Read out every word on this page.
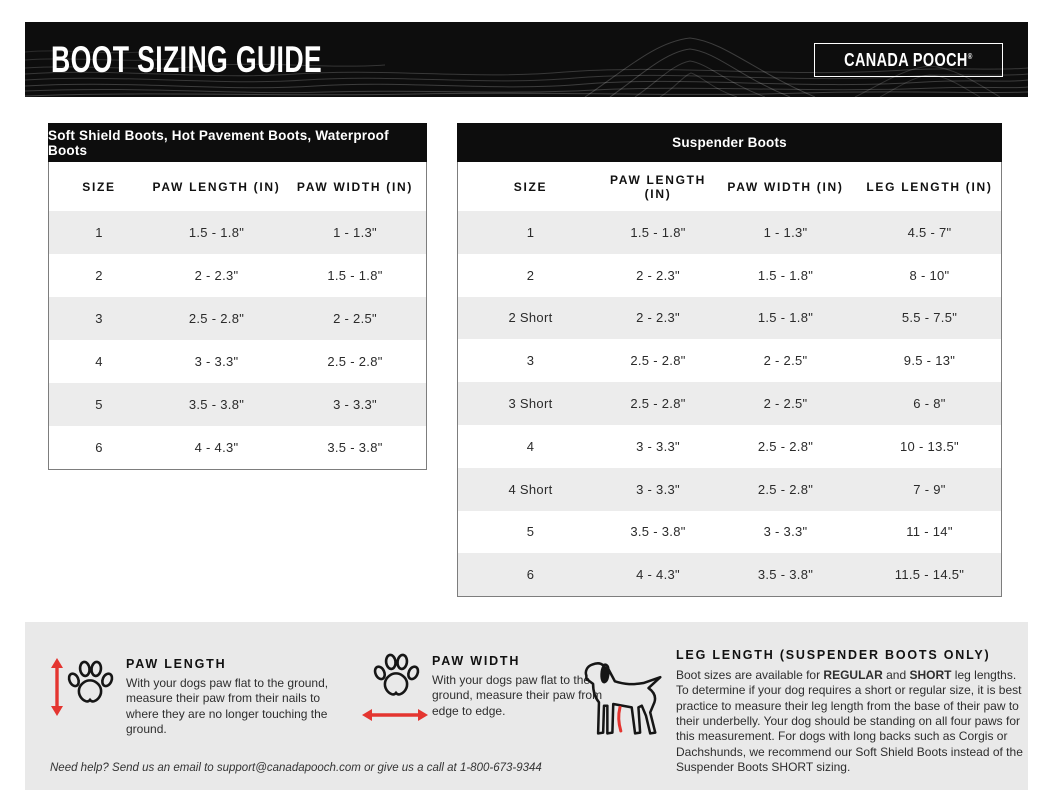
BOOT SIZING GUIDE	CANADA POOCH®
Soft Shield Boots, Hot Pavement Boots, Waterproof Boots
SIZE	PAW LENGTH (IN)	PAW WIDTH (IN)
1	1.5 - 1.8"	1 - 1.3"
2	2 - 2.3"	1.5 - 1.8"
3	2.5 - 2.8"	2 - 2.5"
4	3 - 3.3"	2.5 - 2.8"
5	3.5 - 3.8"	3 - 3.3"
6	4 - 4.3"	3.5 - 3.8"
Suspender Boots
SIZE	PAW LENGTH (IN)	PAW WIDTH (IN)	LEG LENGTH (IN)
1	1.5 - 1.8"	1 - 1.3"	4.5 - 7"
2	2 - 2.3"	1.5 - 1.8"	8 - 10"
2 Short	2 - 2.3"	1.5 - 1.8"	5.5 - 7.5"
3	2.5 - 2.8"	2 - 2.5"	9.5 - 13"
3 Short	2.5 - 2.8"	2 - 2.5"	6 - 8"
4	3 - 3.3"	2.5 - 2.8"	10 - 13.5"
4 Short	3 - 3.3"	2.5 - 2.8"	7 - 9"
5	3.5 - 3.8"	3 - 3.3"	11 - 14"
6	4 - 4.3"	3.5 - 3.8"	11.5 - 14.5"
PAW LENGTH
With your dogs paw flat to the ground, measure their paw from their nails to where they are no longer touching the ground.
PAW WIDTH
With your dogs paw flat to the ground, measure their paw from edge to edge.
LEG LENGTH (SUSPENDER BOOTS ONLY)
Boot sizes are available for REGULAR and SHORT leg lengths.
To determine if your dog requires a short or regular size, it is best practice to measure their leg length from the base of their paw to their underbelly. Your dog should be standing on all four paws for this measurement. For dogs with long backs such as Corgis or Dachshunds, we recommend our Soft Shield Boots instead of the Suspender Boots SHORT sizing.
Need help? Send us an email to support@canadapooch.com or give us a call at 1-800-673-9344
